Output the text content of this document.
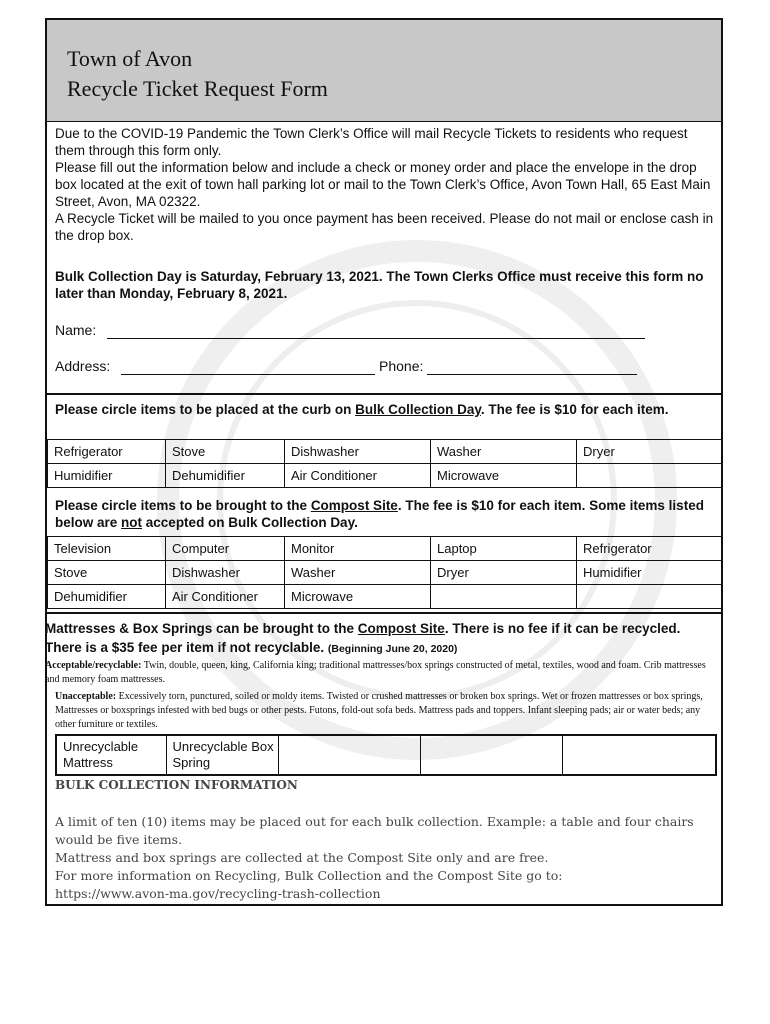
Town of Avon
Recycle Ticket Request Form

Due to the COVID-19 Pandemic the Town Clerk’s Office will mail Recycle Tickets to residents who request them through this form only.

Please fill out the information below and include a check or money order and place the envelope in the drop box located at the exit of town hall parking lot or mail to the Town Clerk’s Office, Avon Town Hall, 65 East Main Street, Avon, MA 02322.

A Recycle Ticket will be mailed to you once payment has been received. Please do not mail or enclose cash in the drop box.

Bulk Collection Day is Saturday, February 13, 2021. The Town Clerks Office must receive this form no later than Monday, February 8, 2021.
Name:
Address:	Phone:
Please circle items to be placed at the curb on Bulk Collection Day. The fee is $10 for each item.
Refrigerator	Stove	Dishwasher	Washer	Dryer
Humidifier	Dehumidifier	Air Conditioner	Microwave	
Please circle items to be brought to the Compost Site. The fee is $10 for each item. Some items listed below are not accepted on Bulk Collection Day.
Television	Computer	Monitor	Laptop	Refrigerator
Stove	Dishwasher	Washer	Dryer	Humidifier
Dehumidifier	Air Conditioner	Microwave		
Mattresses & Box Springs can be brought to the Compost Site. There is no fee if it can be recycled. There is a $35 fee per item if not recyclable. (Beginning June 20, 2020)
Acceptable/recyclable: Twin, double, queen, king, California king; traditional mattresses/box springs constructed of metal, textiles, wood and foam. Crib mattresses and memory foam mattresses.
Unacceptable: Excessively torn, punctured, soiled or moldy items. Twisted or crushed mattresses or broken box springs. Wet or frozen mattresses or box springs, Mattresses or boxsprings infested with bed bugs or other pests. Futons, fold-out sofa beds. Mattress pads and toppers. Infant sleeping pads; air or water beds; any other furniture or textiles.
Unrecyclable Mattress	Unrecyclable Box Spring			
BULK COLLECTION INFORMATION
A limit of ten (10) items may be placed out for each bulk collection. Example: a table and four chairs would be five items.
Mattress and box springs are collected at the Compost Site only and are free.
For more information on Recycling, Bulk Collection and the Compost Site go to:
https://www.avon-ma.gov/recycling-trash-collection
